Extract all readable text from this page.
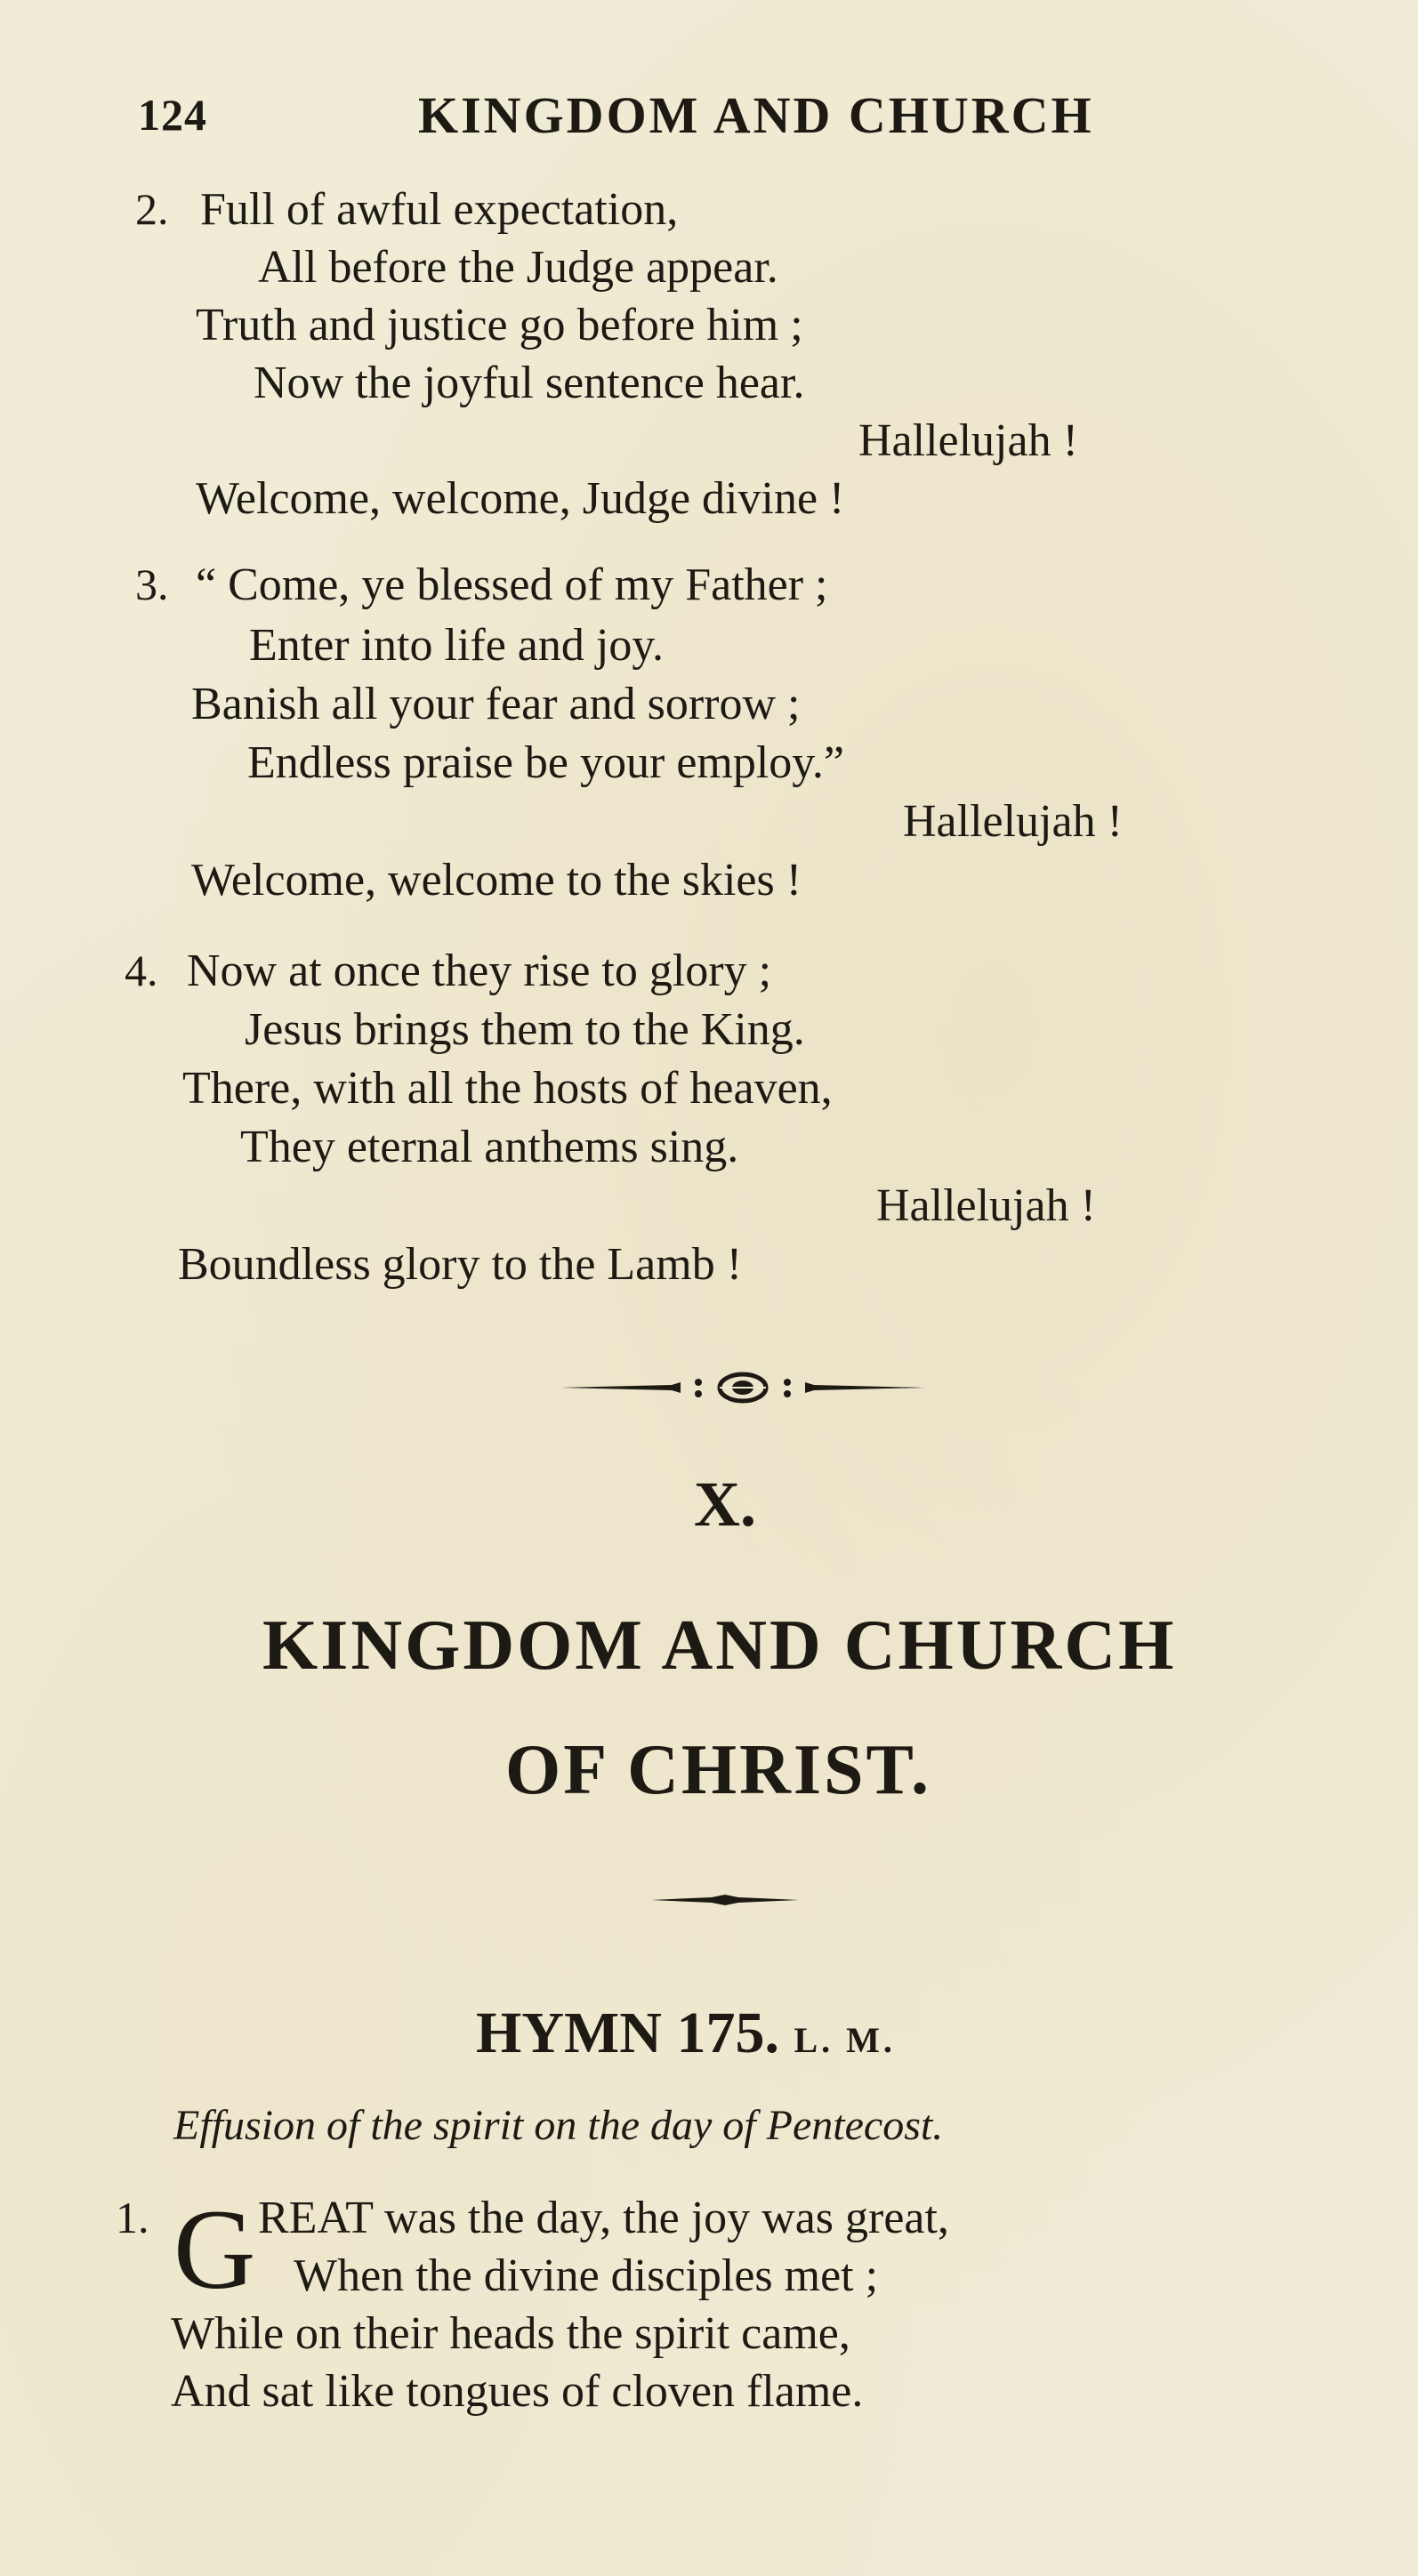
124	KINGDOM AND CHURCH
2. Full of awful expectation,
All before the Judge appear.
Truth and justice go before him ;
Now the joyful sentence hear.
Hallelujah !
Welcome, welcome, Judge divine !
3. “ Come, ye blessed of my Father ;
Enter into life and joy.
Banish all your fear and sorrow ;
Endless praise be your employ.”
Hallelujah !
Welcome, welcome to the skies !
4. Now at once they rise to glory ;
Jesus brings them to the King.
There, with all the hosts of heaven,
They eternal anthems sing.
Hallelujah !
Boundless glory to the Lamb !
X.
KINGDOM AND CHURCH
OF CHRIST.
HYMN 175. L. M.
Effusion of the spirit on the day of Pentecost.
1. G REAT was the day, the joy was great,
When the divine disciples met ;
While on their heads the spirit came,
And sat like tongues of cloven flame.
